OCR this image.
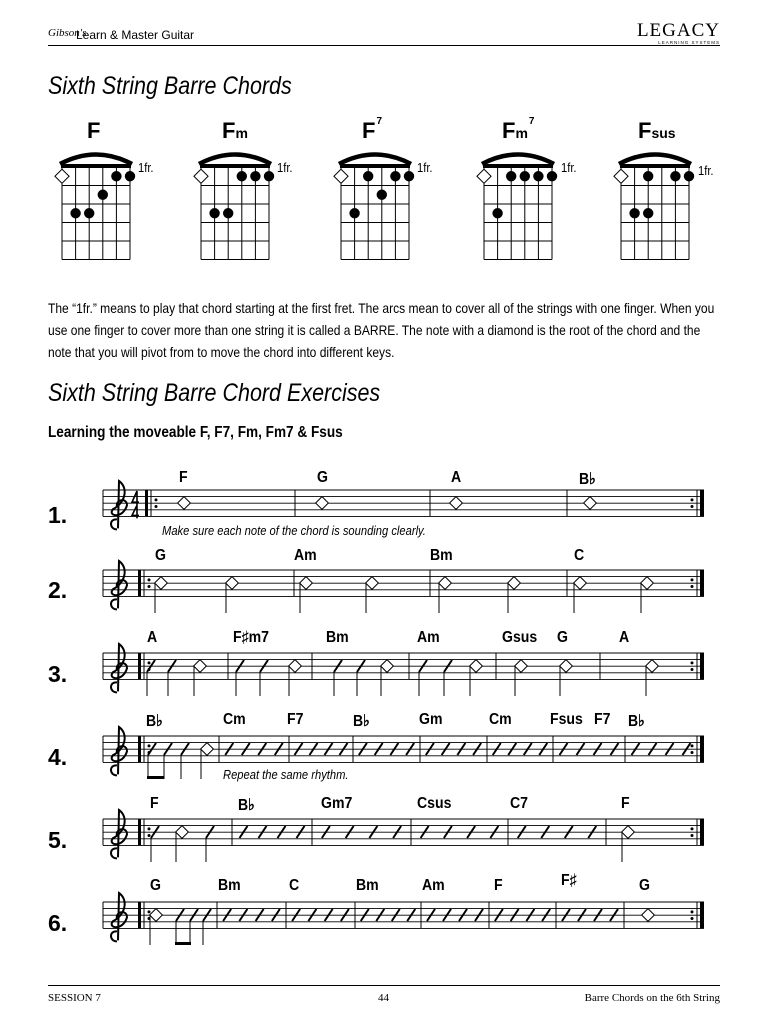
Gibson's
Learn & Master Guitar	LEGACY
LEARNING SYSTEMS
Sixth String Barre Chords
F	Fm	$F^7$	Fm$^7$	Fsus
1fr.	1fr.	1fr.	1fr.	1fr.
The “1fr.” means to play that chord starting at the first fret. The arcs mean to cover all of the strings with one finger. When you use one finger to cover more than one string it is called a BARRE. The note with a diamond is the root of the chord and the note that you will pivot from to move the chord into different keys.
Sixth String Barre Chord Exercises
Learning the moveable F, F7, Fm, Fm7 & Fsus
1.
2.
3.
4.
5.
6.
F	G	A	B♭
Make sure each note of the chord is sounding clearly.
G	Am	Bm	C
A	F♯m7	Bm	Am	Gsus G	A
B♭	Cm	F7	B♭	Gm	Cm Fsus F7 B♭
Repeat the same rhythm.
F	B♭	Gm7	Csus	C7	F
G	Bm	C	Bm	Am	F	F♯	G
SESSION 7	44	Barre Chords on the 6th String
